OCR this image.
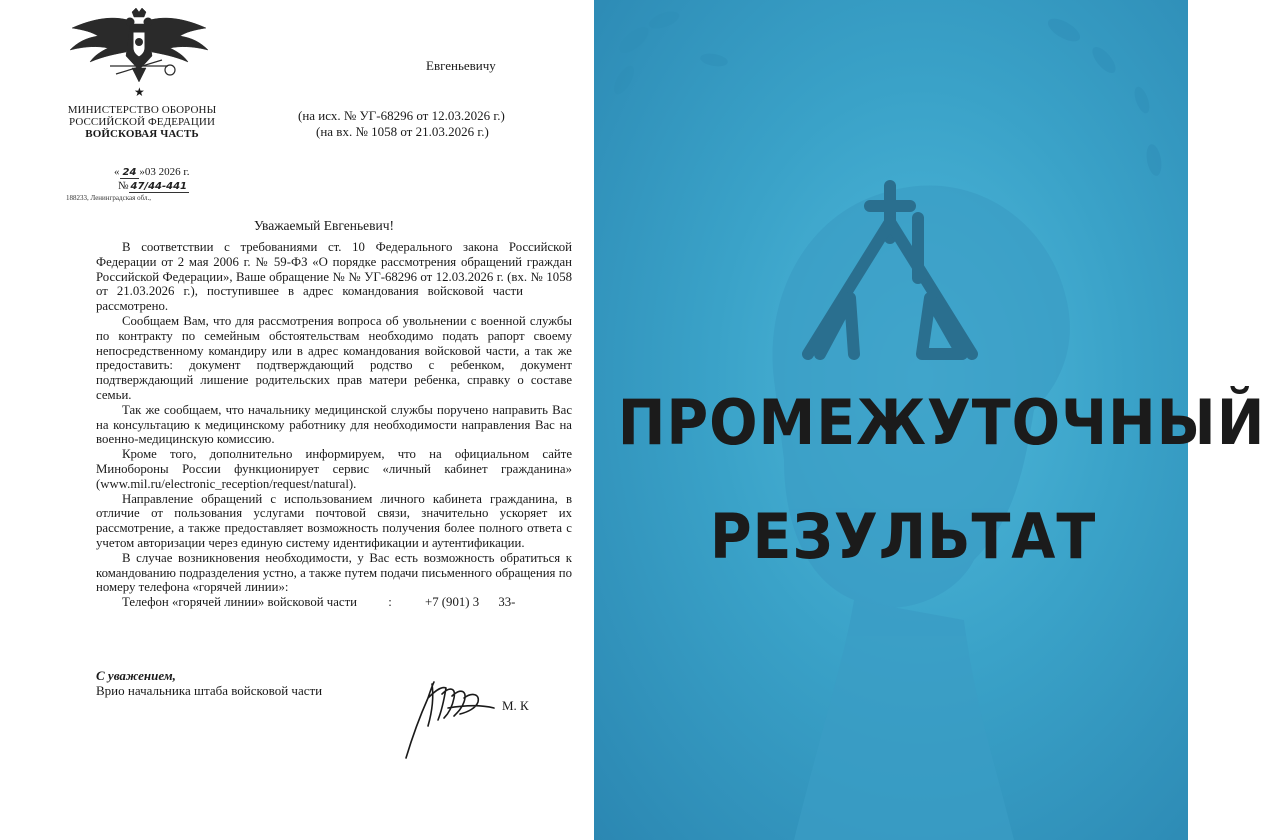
★
МИНИСТЕРСТВО ОБОРОНЫ
РОССИЙСКОЙ ФЕДЕРАЦИИ
ВОЙСКОВАЯ ЧАСТЬ
Евгеньевичу
(на исх. № УГ-68296 от 12.03.2026 г.)
(на вх. № 1058 от 21.03.2026 г.)
« 24 »03 2026 г.
№ 47/44-441
188233, Ленинградская обл.,
Уважаемый Евгеньевич!

В соответствии с требованиями ст. 10 Федерального закона Российской Федерации от 2 мая 2006 г. № 59-ФЗ «О порядке рассмотрения обращений граждан Российской Федерации», Ваше обращение № № УГ-68296 от 12.03.2026 г. (вх. № 1058 от 21.03.2026 г.), поступившее в адрес командования войсковой части  рассмотрено.

Сообщаем Вам, что для рассмотрения вопроса об увольнении с военной службы по контракту по семейным обстоятельствам необходимо подать рапорт своему непосредственному командиру или в адрес командования войсковой части, а так же предоставить: документ подтверждающий родство с ребенком, документ подтверждающий лишение родительских прав матери ребенка, справку о составе семьи.

Так же сообщаем, что начальнику медицинской службы поручено направить Вас на консультацию к медицинскому работнику для необходимости направления Вас на военно-медицинскую комиссию.

Кроме того, дополнительно информируем, что на официальном сайте Минобороны России функционирует сервис «личный кабинет гражданина» (www.mil.ru/electronic_reception/request/natural).

Направление обращений с использованием личного кабинета гражданина, в отличие от пользования услугами почтовой связи, значительно ускоряет их рассмотрение, а также предоставляет возможность получения более полного ответа с учетом авторизации через единую систему идентификации и аутентификации.

В случае возникновения необходимости, у Вас есть возможность обратиться к командованию подразделения устно, а также путем подачи письменного обращения по номеру телефона «горячей линии»:

Телефон «горячей линии» войсковой части :	+7 (901) 3 33-

С уважением,
Врио начальника штаба войсковой части
М. К
ПРОМЕЖУТОЧНЫЙ
РЕЗУЛЬТАТ
